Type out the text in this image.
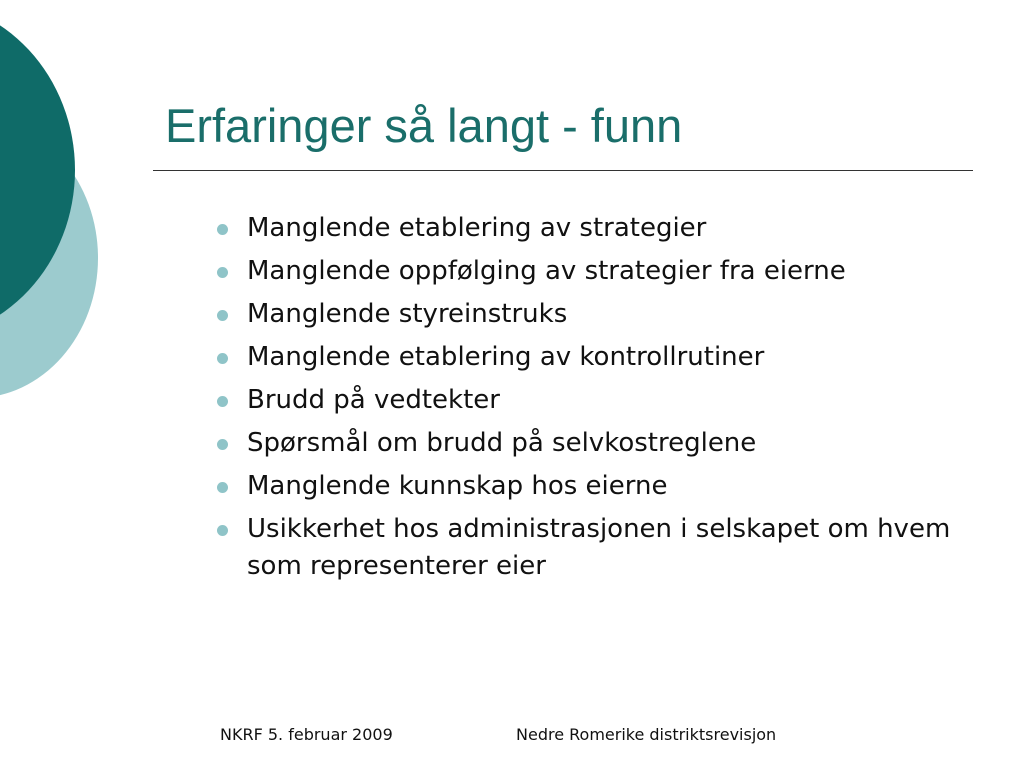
Erfaringer så langt - funn
Manglende etablering av strategier
Manglende oppfølging av strategier fra eierne
Manglende styreinstruks
Manglende etablering av kontrollrutiner
Brudd på vedtekter
Spørsmål om brudd på selvkostreglene
Manglende kunnskap hos eierne
Usikkerhet hos administrasjonen i selskapet om hvem som representerer eier
NKRF 5. februar 2009	Nedre Romerike distriktsrevisjon
